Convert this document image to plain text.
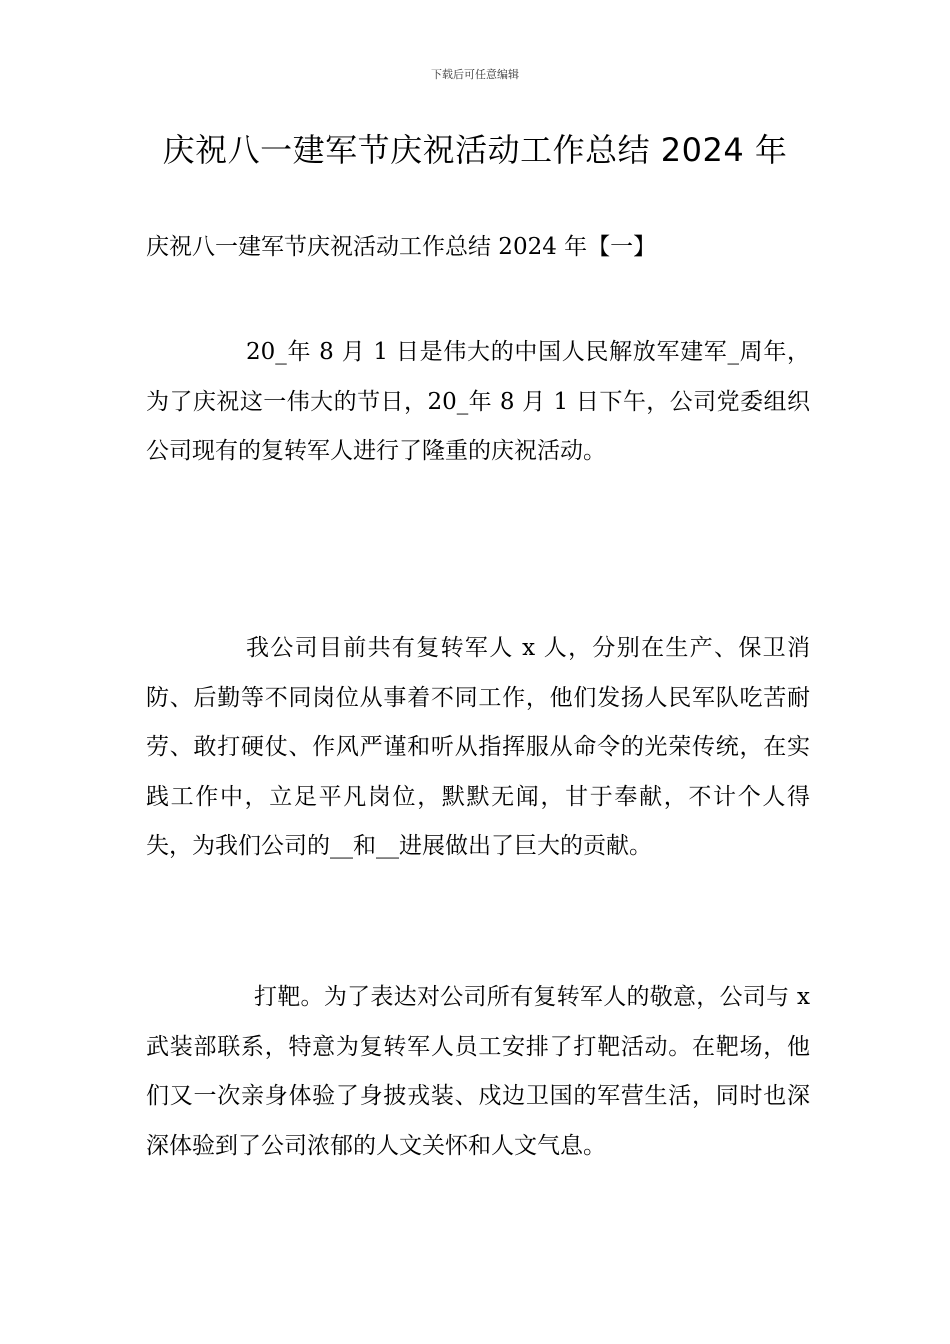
下载后可任意编辑
庆祝八一建军节庆祝活动工作总结 2024 年
庆祝八一建军节庆祝活动工作总结 2024 年【一】

20_年 8 月 1 日是伟大的中国人民解放军建军_周年，为了庆祝这一伟大的节日，20_年 8 月 1 日下午，公司党委组织公司现有的复转军人进行了隆重的庆祝活动。

我公司目前共有复转军人 x 人，分别在生产、保卫消防、后勤等不同岗位从事着不同工作，他们发扬人民军队吃苦耐劳、敢打硬仗、作风严谨和听从指挥服从命令的光荣传统，在实践工作中，立足平凡岗位，默默无闻，甘于奉献，不计个人得失，为我们公司的__和__进展做出了巨大的贡献。

打靶。为了表达对公司所有复转军人的敬意，公司与 x 武装部联系，特意为复转军人员工安排了打靶活动。在靶场，他们又一次亲身体验了身披戎装、戍边卫国的军营生活，同时也深深体验到了公司浓郁的人文关怀和人文气息。
